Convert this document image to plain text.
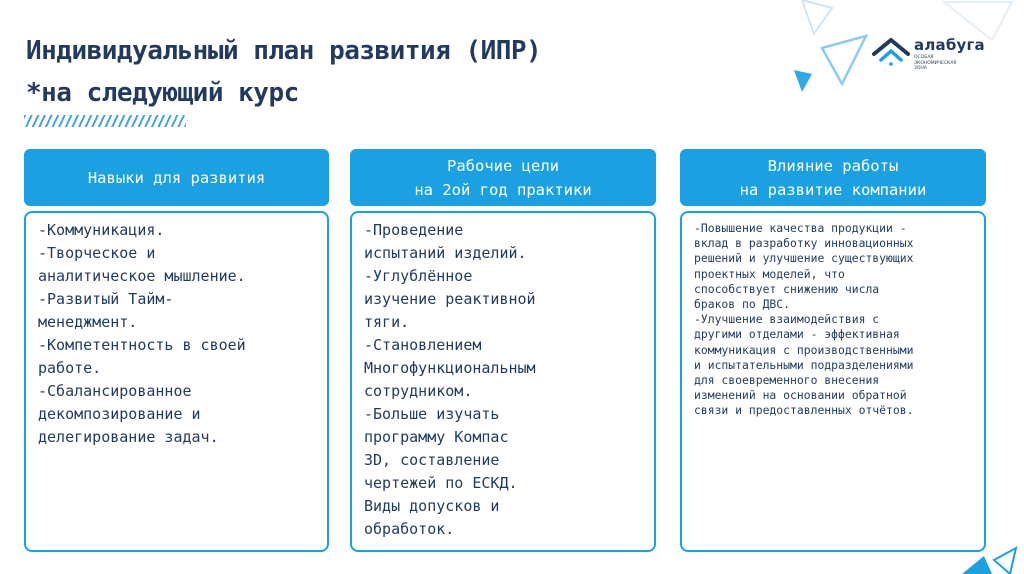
Индивидуальный план развития (ИПР)
*на следующий курс
алабуга
ОСОБАЯ
ЭКОНОМИЧЕСКАЯ
ЗОНА
Навыки для развития
-Коммуникация.
-Творческое и
аналитическое мышление.
-Развитый Тайм-
менеджмент.
-Компетентность в своей
работе.
-Сбалансированное
декомпозирование и
делегирование задач.
Рабочие цели
на 2ой год практики
-Проведение
испытаний изделий.
-Углублённое
изучение реактивной
тяги.
-Становлением
Многофункциональным
сотрудником.
-Больше изучать
программу Компас
3D, составление
чертежей по ЕСКД.
Виды допусков и
обработок.
Влияние работы
на развитие компании
-Повышение качества продукции -
вклад в разработку инновационных
решений и улучшение существующих
проектных моделей, что
способствует снижению числа
браков по ДВС.
-Улучшение взаимодействия с
другими отделами - эффективная
коммуникация с производственными
и испытательными подразделениями
для своевременного внесения
изменений на основании обратной
связи и предоставленных отчётов.
